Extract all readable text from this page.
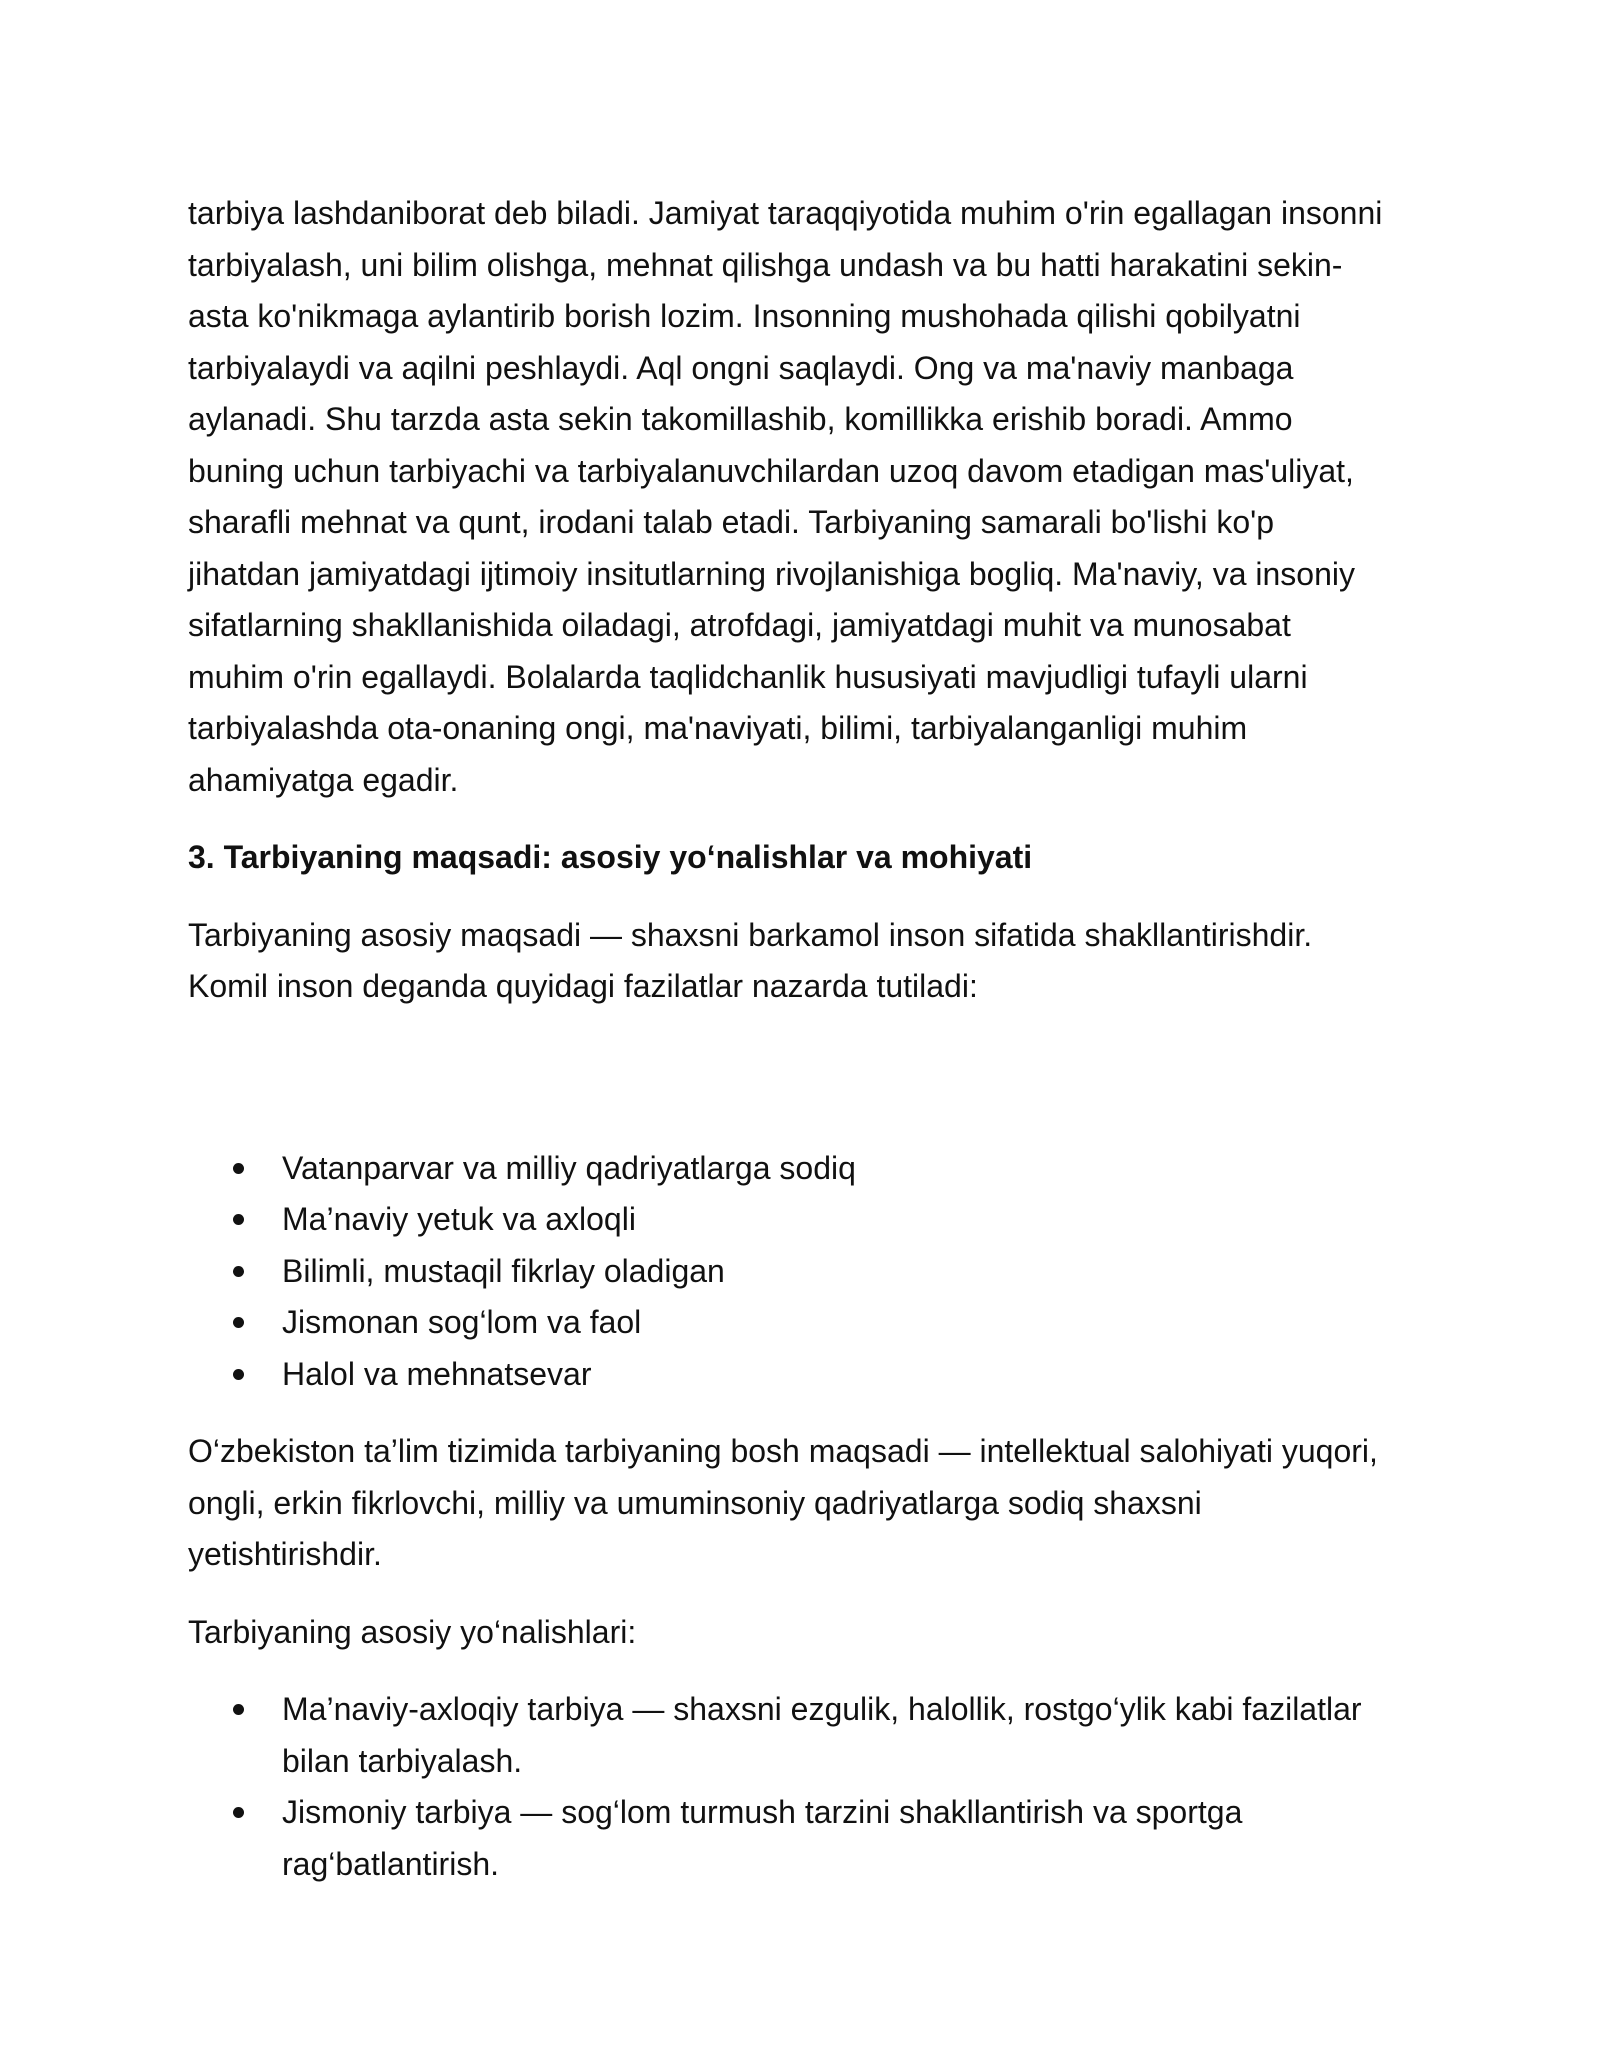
tarbiya lashdaniborat deb biladi. Jamiyat taraqqiyotida muhim o'rin egallagan insonni tarbiyalash, uni bilim olishga, mehnat qilishga undash va bu hatti harakatini sekin-asta ko'nikmaga aylantirib borish lozim. Insonning mushohada qilishi qobilyatni tarbiyalaydi va aqilni peshlaydi. Aql ongni saqlaydi. Ong va ma'naviy manbaga aylanadi. Shu tarzda asta sekin takomillashib, komillikka erishib boradi. Ammo buning uchun tarbiyachi va tarbiyalanuvchilardan uzoq davom etadigan mas'uliyat, sharafli mehnat va qunt, irodani talab etadi. Tarbiyaning samarali bo'lishi ko'p jihatdan jamiyatdagi ijtimoiy insitutlarning rivojlanishiga bogliq. Ma'naviy, va insoniy sifatlarning shakllanishida oiladagi, atrofdagi, jamiyatdagi muhit va munosabat muhim o'rin egallaydi. Bolalarda taqlidchanlik hususiyati mavjudligi tufayli ularni tarbiyalashda ota-onaning ongi, ma'naviyati, bilimi, tarbiyalanganligi muhim ahamiyatga egadir.

3. Tarbiyaning maqsadi: asosiy yo‘nalishlar va mohiyati

Tarbiyaning asosiy maqsadi — shaxsni barkamol inson sifatida shakllantirishdir. Komil inson deganda quyidagi fazilatlar nazarda tutiladi:

Vatanparvar va milliy qadriyatlarga sodiq
Ma’naviy yetuk va axloqli
Bilimli, mustaqil fikrlay oladigan
Jismonan sog‘lom va faol
Halol va mehnatsevar

O‘zbekiston ta’lim tizimida tarbiyaning bosh maqsadi — intellektual salohiyati yuqori, ongli, erkin fikrlovchi, milliy va umuminsoniy qadriyatlarga sodiq shaxsni yetishtirishdir.

Tarbiyaning asosiy yo‘nalishlari:

Ma’naviy-axloqiy tarbiya — shaxsni ezgulik, halollik, rostgo‘ylik kabi fazilatlar bilan tarbiyalash.
Jismoniy tarbiya — sog‘lom turmush tarzini shakllantirish va sportga rag‘batlantirish.
